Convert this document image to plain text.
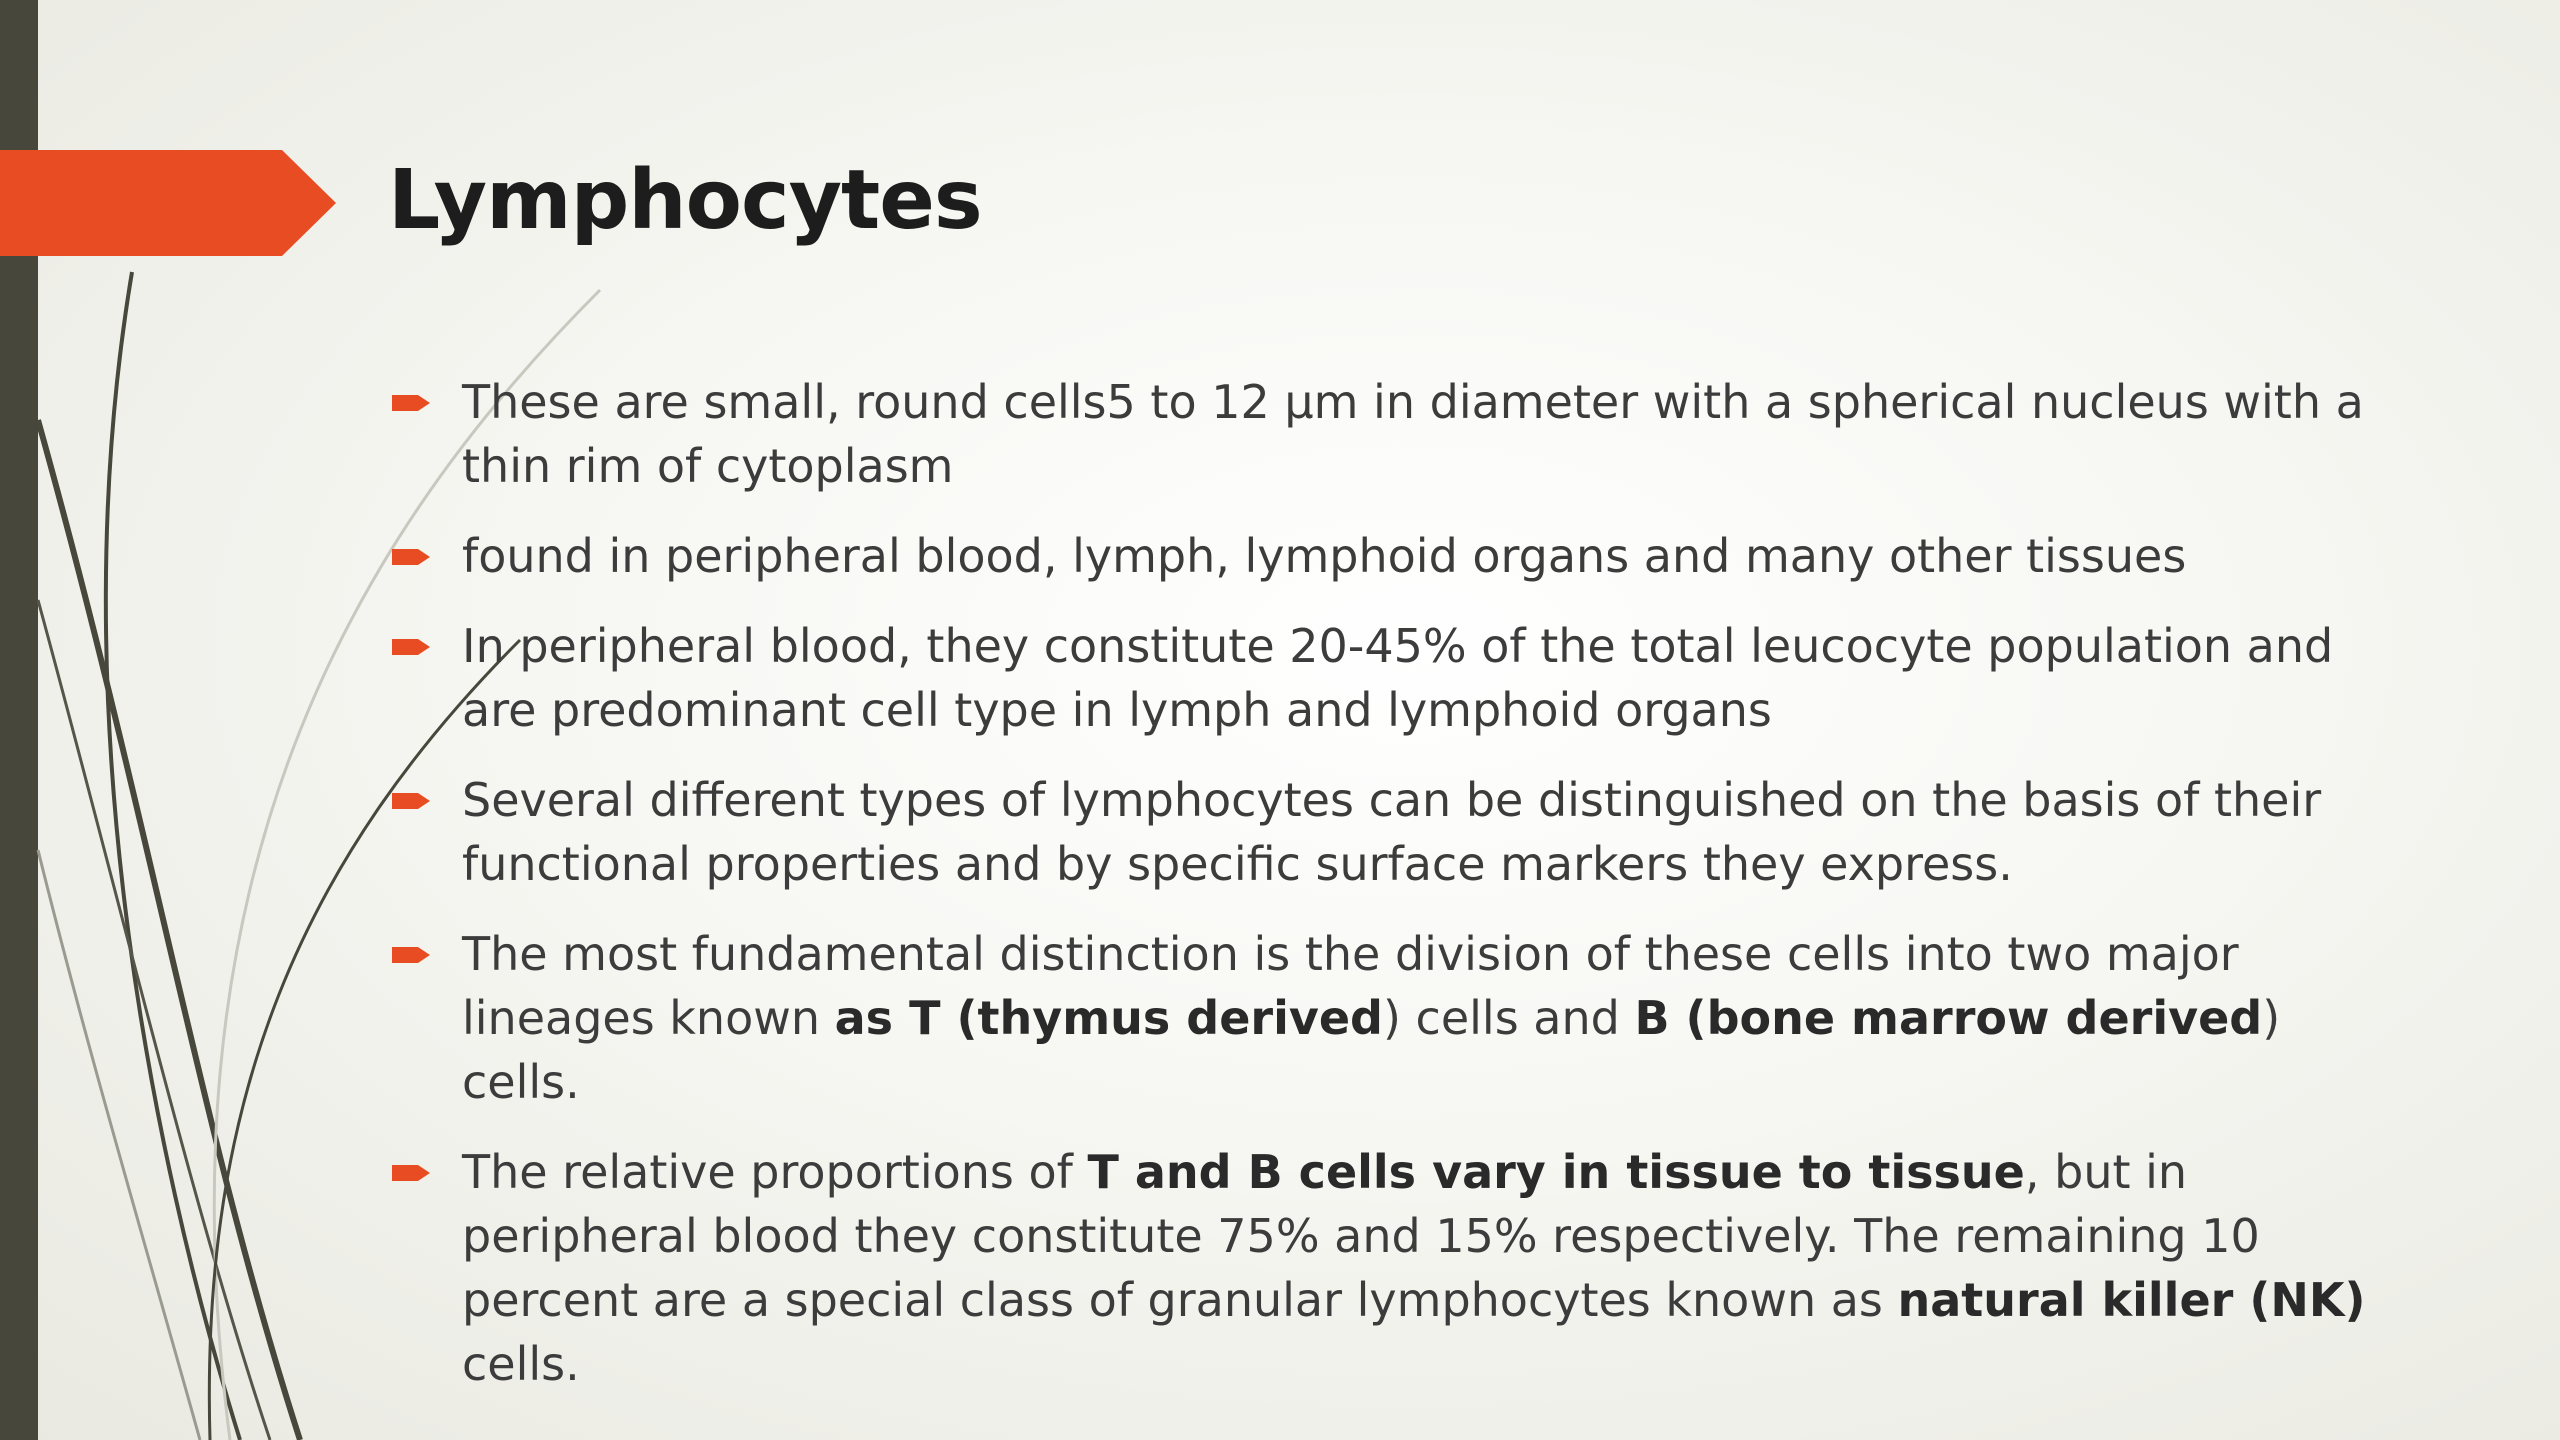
Lymphocytes
These are small, round cells5 to 12 μm in diameter with a spherical nucleus with a thin rim of cytoplasm
found in peripheral blood, lymph, lymphoid organs and many other tissues
In peripheral blood, they constitute 20-45% of the total leucocyte population and are predominant cell type in lymph and lymphoid organs
Several different types of lymphocytes can be distinguished on the basis of their functional properties and by specific surface markers they express.
The most fundamental distinction is the division of these cells into two major lineages known as T (thymus derived) cells and B (bone marrow derived) cells.
The relative proportions of T and B cells vary in tissue to tissue, but in peripheral blood they constitute 75% and 15% respectively. The remaining 10 percent are a special class of granular lymphocytes known as natural killer (NK) cells.
